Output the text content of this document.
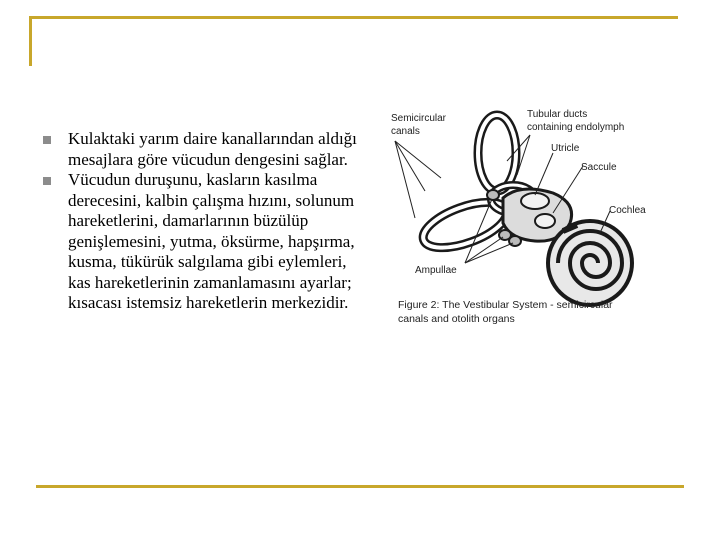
Kulaktaki yarım daire kanallarından aldığı mesajlara göre vücudun dengesini sağlar.
Vücudun duruşunu, kasların kasılma derecesini, kalbin çalışma hızını, solunum hareketlerini, damarlarının büzülüp genişlemesini, yutma, öksürme, hapşırma, kusma, tükürük salgılama gibi eylemleri, kas hareketlerinin zamanlamasını ayarlar; kısacası istemsiz hareketlerin merkezidir.
Semicircular
canals
Tubular ducts
containing endolymph
Utricle
Saccule
Cochlea
Ampullae
Figure 2: The Vestibular System - semicircular
canals and otolith organs
